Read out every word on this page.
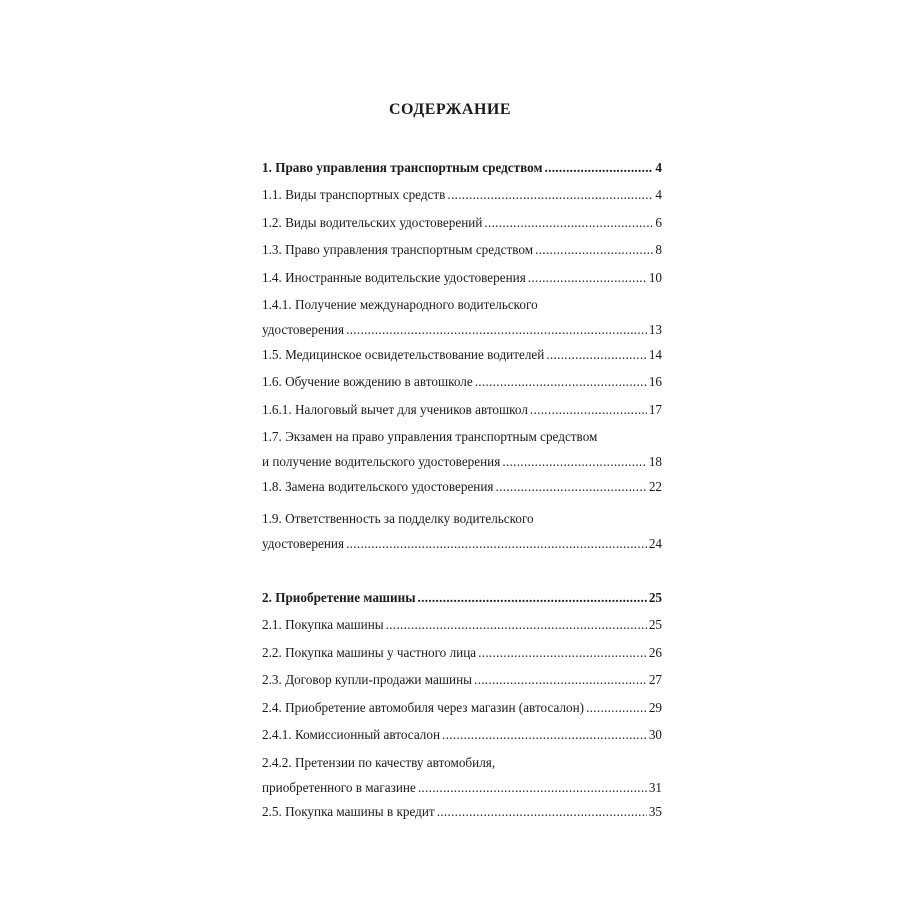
СОДЕРЖАНИЕ
1. Право управления транспортным средством .....	4
1.1. Виды транспортных средств .....	4
1.2. Виды водительских удостоверений .....	6
1.3. Право управления транспортным средством .....	8
1.4. Иностранные водительские удостоверения .....	10
1.4.1. Получение международного водительского
удостоверения .....	13
1.5. Медицинское освидетельствование водителей .....	14
1.6. Обучение вождению в автошколе .....	16
1.6.1. Налоговый вычет для учеников автошкол .....	17
1.7. Экзамен на право управления транспортным средством
и получение водительского удостоверения .....	18
1.8. Замена водительского удостоверения .....	22
1.9. Ответственность за подделку водительского
удостоверения .....	24
2. Приобретение машины .....	25
2.1. Покупка машины .....	25
2.2. Покупка машины у частного лица .....	26
2.3. Договор купли-продажи машины .....	27
2.4. Приобретение автомобиля через магазин (автосалон) .....	29
2.4.1. Комиссионный автосалон .....	30
2.4.2. Претензии по качеству автомобиля,
приобретенного в магазине .....	31
2.5. Покупка машины в кредит .....	35
